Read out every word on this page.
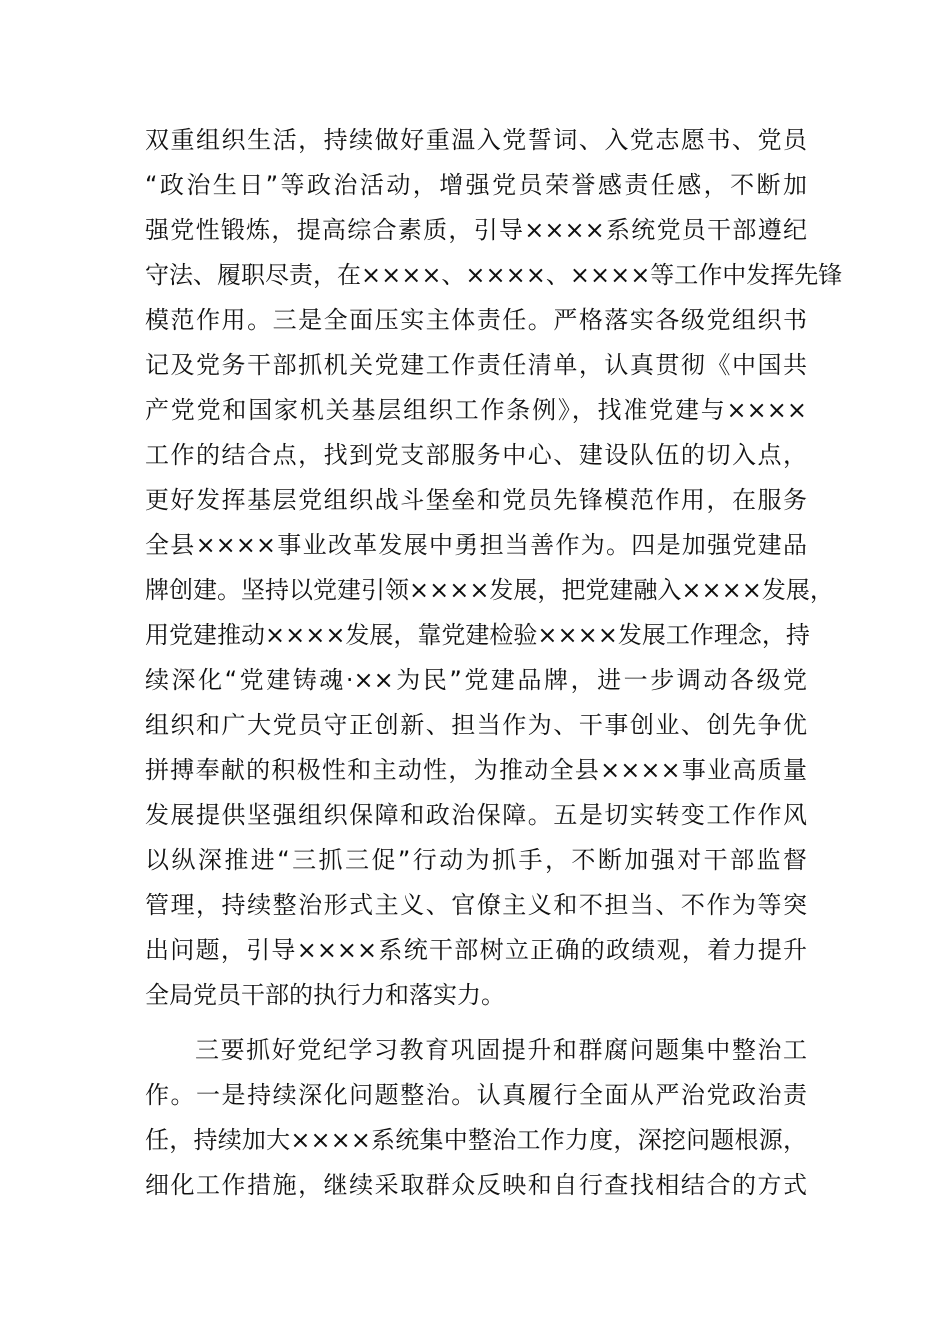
双重组织生活，持续做好重温入党誓词、入党志愿书、党员
“政治生日”等政治活动，增强党员荣誉感责任感，不断加
强党性锻炼，提高综合素质，引导××××系统党员干部遵纪
守法、履职尽责，在××××、××××、××××等工作中发挥先锋
模范作用。三是全面压实主体责任。严格落实各级党组织书
记及党务干部抓机关党建工作责任清单，认真贯彻《中国共
产党党和国家机关基层组织工作条例》，找准党建与××××
工作的结合点，找到党支部服务中心、建设队伍的切入点，
更好发挥基层党组织战斗堡垒和党员先锋模范作用，在服务
全县××××事业改革发展中勇担当善作为。四是加强党建品
牌创建。坚持以党建引领××××发展，把党建融入××××发展，
用党建推动××××发展，靠党建检验××××发展工作理念，持
续深化“党建铸魂·××为民”党建品牌，进一步调动各级党
组织和广大党员守正创新、担当作为、干事创业、创先争优
拼搏奉献的积极性和主动性，为推动全县××××事业高质量
发展提供坚强组织保障和政治保障。五是切实转变工作作风
以纵深推进“三抓三促”行动为抓手，不断加强对干部监督
管理，持续整治形式主义、官僚主义和不担当、不作为等突
出问题，引导××××系统干部树立正确的政绩观，着力提升
全局党员干部的执行力和落实力。
三要抓好党纪学习教育巩固提升和群腐问题集中整治工
作。一是持续深化问题整治。认真履行全面从严治党政治责
任，持续加大××××系统集中整治工作力度，深挖问题根源，
细化工作措施，继续采取群众反映和自行查找相结合的方式
